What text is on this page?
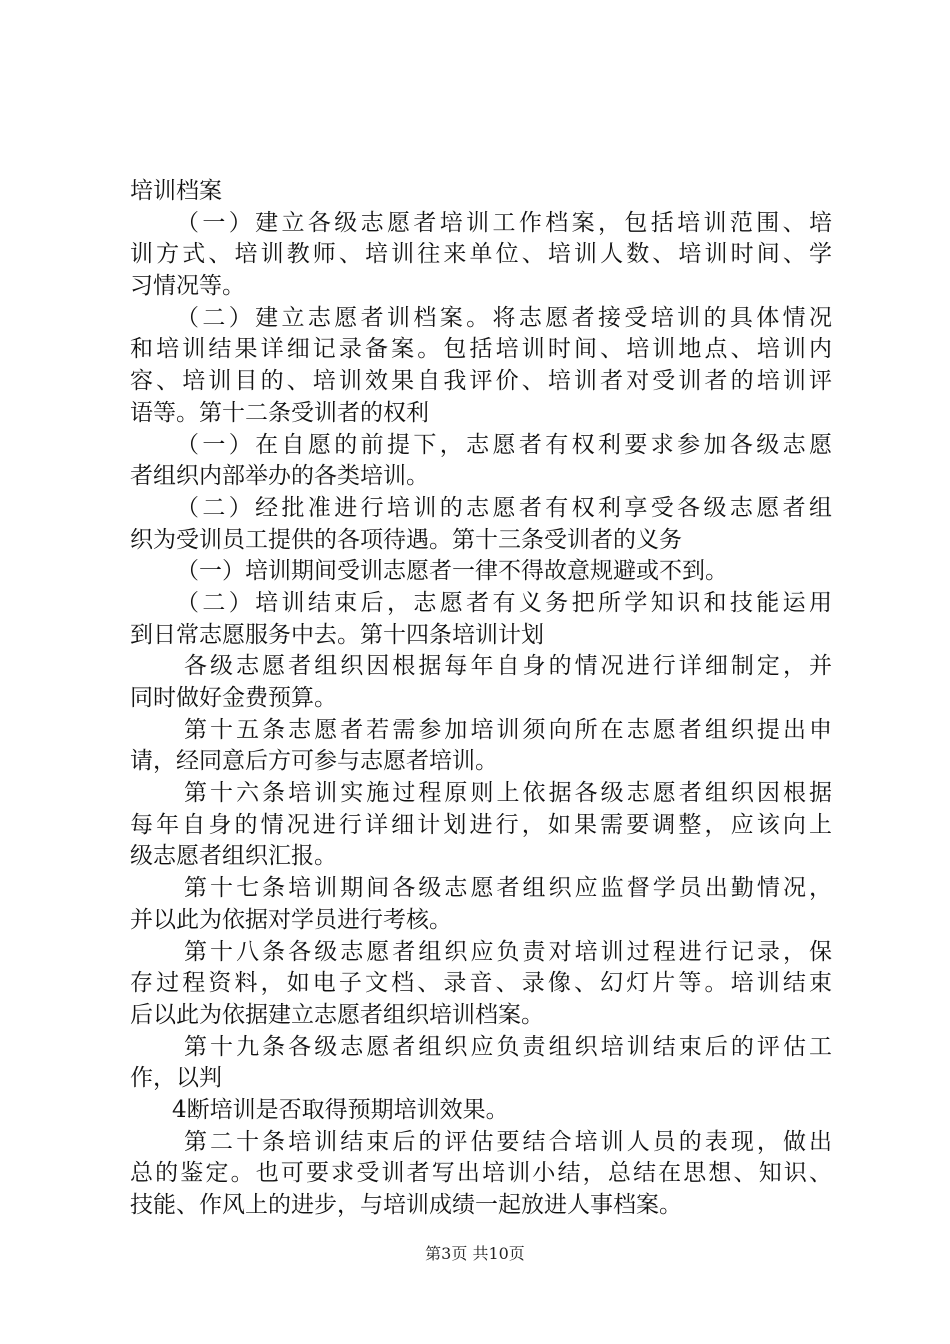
培训档案
（一）建立各级志愿者培训工作档案，包括培训范围、培
训方式、培训教师、培训往来单位、培训人数、培训时间、学
习情况等。
（二）建立志愿者训档案。将志愿者接受培训的具体情况
和培训结果详细记录备案。包括培训时间、培训地点、培训内
容、培训目的、培训效果自我评价、培训者对受训者的培训评
语等。第十二条受训者的权利
（一）在自愿的前提下，志愿者有权利要求参加各级志愿
者组织内部举办的各类培训。
（二）经批准进行培训的志愿者有权利享受各级志愿者组
织为受训员工提供的各项待遇。第十三条受训者的义务
（一）培训期间受训志愿者一律不得故意规避或不到。
（二）培训结束后，志愿者有义务把所学知识和技能运用
到日常志愿服务中去。第十四条培训计划
各级志愿者组织因根据每年自身的情况进行详细制定，并
同时做好金费预算。
第十五条志愿者若需参加培训须向所在志愿者组织提出申
请，经同意后方可参与志愿者培训。
第十六条培训实施过程原则上依据各级志愿者组织因根据
每年自身的情况进行详细计划进行，如果需要调整，应该向上
级志愿者组织汇报。
第十七条培训期间各级志愿者组织应监督学员出勤情况，
并以此为依据对学员进行考核。
第十八条各级志愿者组织应负责对培训过程进行记录，保
存过程资料，如电子文档、录音、录像、幻灯片等。培训结束
后以此为依据建立志愿者组织培训档案。
第十九条各级志愿者组织应负责组织培训结束后的评估工
作，以判
4断培训是否取得预期培训效果。
第二十条培训结束后的评估要结合培训人员的表现，做出
总的鉴定。也可要求受训者写出培训小结，总结在思想、知识、
技能、作风上的进步，与培训成绩一起放进人事档案。
第3页 共10页
